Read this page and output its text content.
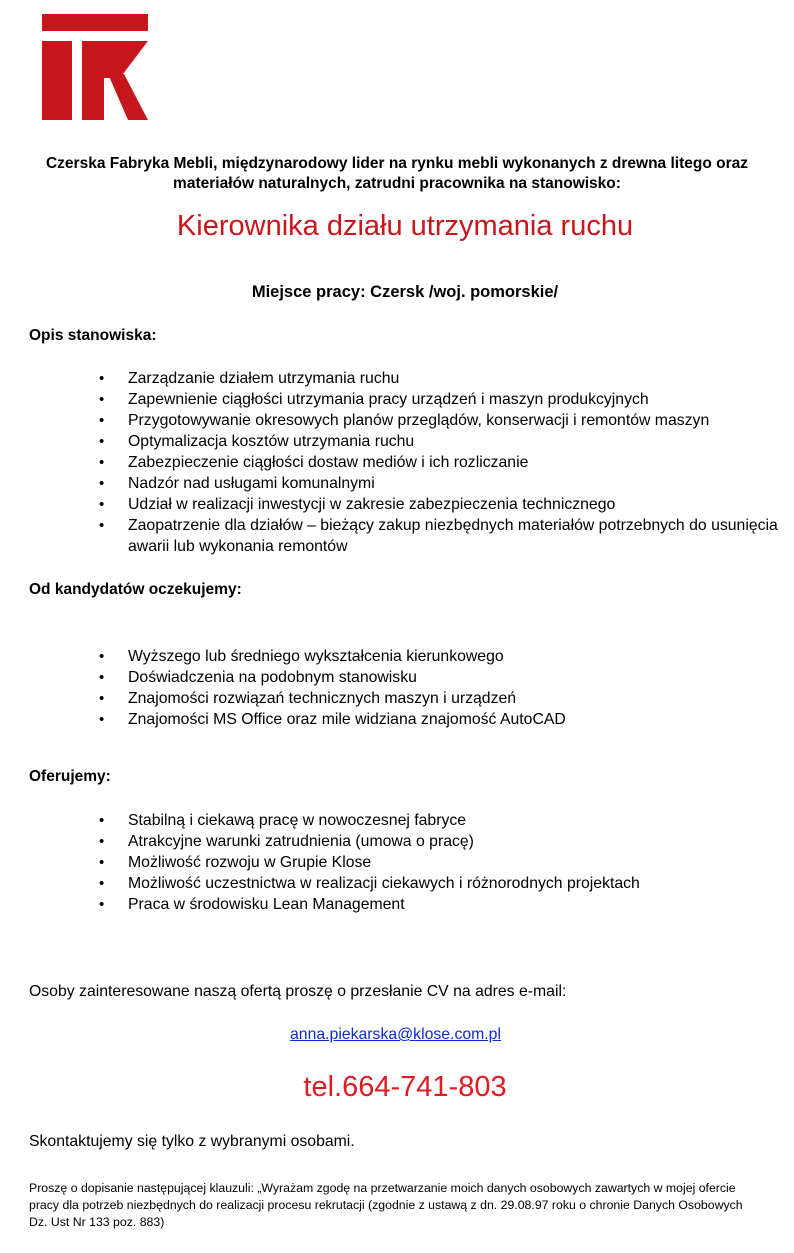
Czerska Fabryka Mebli, międzynarodowy lider na rynku mebli wykonanych z drewna litego oraz materiałów naturalnych, zatrudni pracownika na stanowisko:
Kierownika działu utrzymania ruchu
Miejsce pracy: Czersk /woj. pomorskie/
Opis stanowiska:
• Zarządzanie działem utrzymania ruchu
• Zapewnienie ciągłości utrzymania pracy urządzeń i maszyn produkcyjnych
• Przygotowywanie okresowych planów przeglądów, konserwacji i remontów maszyn
• Optymalizacja kosztów utrzymania ruchu
• Zabezpieczenie ciągłości dostaw mediów i ich rozliczanie
• Nadzór nad usługami komunalnymi
• Udział w realizacji inwestycji w zakresie zabezpieczenia technicznego
• Zaopatrzenie dla działów – bieżący zakup niezbędnych materiałów potrzebnych do usunięcia awarii lub wykonania remontów
Od kandydatów oczekujemy:
• Wyższego lub średniego wykształcenia kierunkowego
• Doświadczenia na podobnym stanowisku
• Znajomości rozwiązań technicznych maszyn i urządzeń
• Znajomości MS Office oraz mile widziana znajomość AutoCAD
Oferujemy:
• Stabilną i ciekawą pracę w nowoczesnej fabryce
• Atrakcyjne warunki zatrudnienia (umowa o pracę)
• Możliwość rozwoju w Grupie Klose
• Możliwość uczestnictwa w realizacji ciekawych i różnorodnych projektach
• Praca w środowisku Lean Management
Osoby zainteresowane naszą ofertą proszę o przesłanie CV na adres e-mail:
anna.piekarska@klose.com.pl
tel.664-741-803
Skontaktujemy się tylko z wybranymi osobami.
Proszę o dopisanie następującej klauzuli: „Wyrażam zgodę na przetwarzanie moich danych osobowych zawartych w mojej ofercie pracy dla potrzeb niezbędnych do realizacji procesu rekrutacji (zgodnie z ustawą z dn. 29.08.97 roku o chronie Danych Osobowych Dz. Ust Nr 133 poz. 883)
